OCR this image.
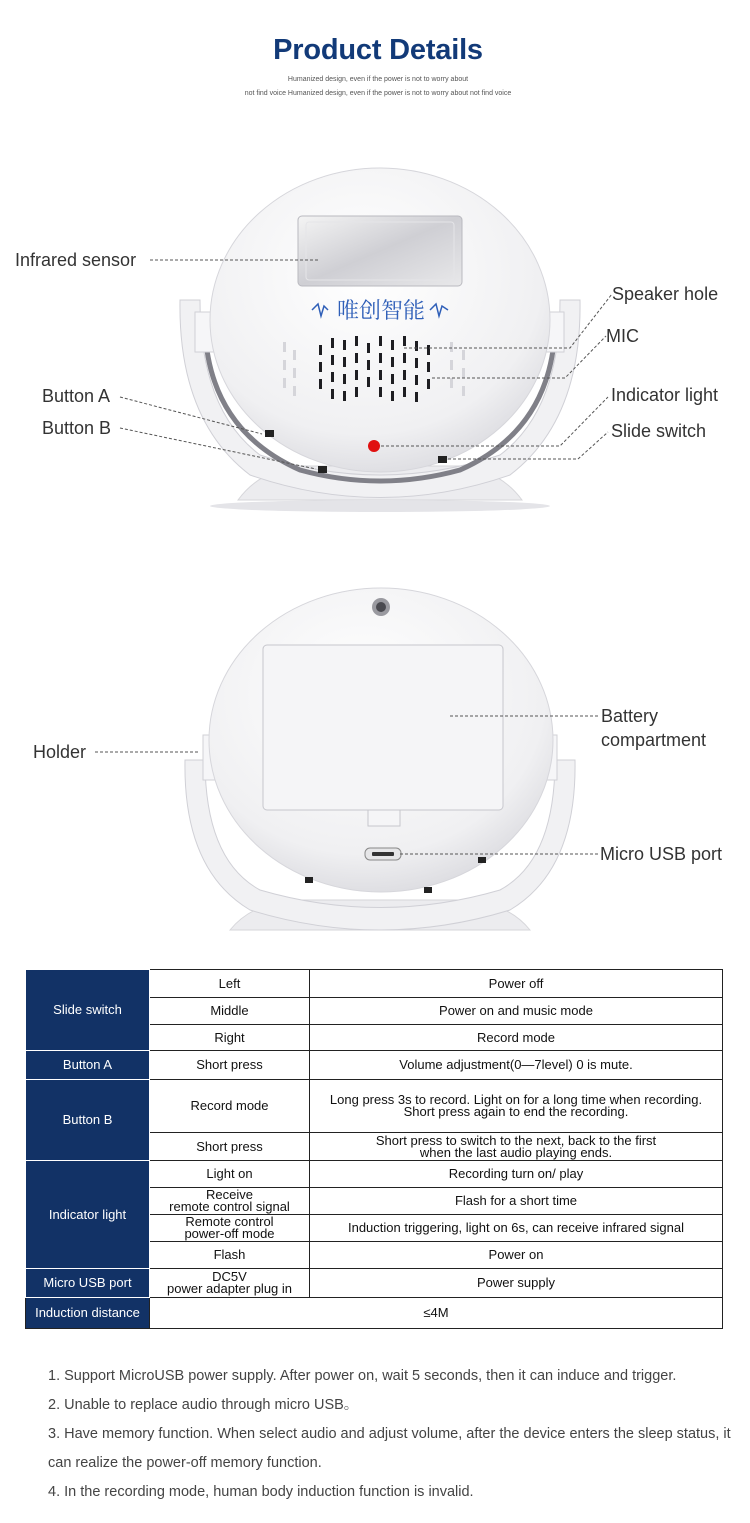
Product Details
Humanized design, even if the power is not to worry about
not find voice Humanized design, even if the power is not to worry about not find voice
唯创智能
Infrared sensor
Speaker hole
MIC
Button A	Indicator light
Button B	Slide switch
Holder
Battery
compartment
Micro USB port
Slide switch	Left	Power off
	Middle	Power on and music mode
	Right	Record mode
Button A	Short press	Volume adjustment(0—7level) 0 is mute.
Button B	Record mode	Long press 3s to record. Light on for a long time when recording.
Short press again to end the recording.

	Short press	Short press to switch to the next, back to the first
when the last audio playing ends.

Indicator light	Light on	Recording turn on/ play

	Receive
remote control signal	Flash for a short time

	Remote control
power-off mode	Induction triggering, light on 6s, can receive infrared signal
	Flash	Power on
Micro USB port	DC5V
power adapter plug in	Power supply
Induction distance	≤4M	

1. Support MicroUSB power supply. After power on, wait 5 seconds, then it can induce and trigger.

2. Unable to replace audio through micro USB。

3. Have memory function. When select audio and adjust volume, after the device enters the sleep status, it can realize the power-off memory function.

4. In the recording mode, human body induction function is invalid.
